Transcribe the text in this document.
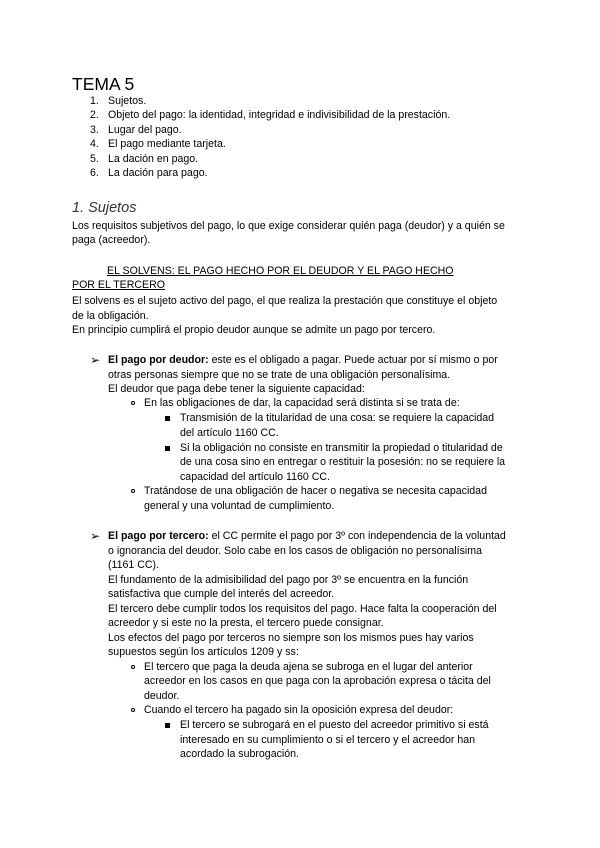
TEMA 5
1. Sujetos.
2. Objeto del pago: la identidad, integridad e indivisibilidad de la prestación.
3. Lugar del pago.
4. El pago mediante tarjeta.
5. La dación en pago.
6. La dación para pago.
1. Sujetos
Los requisitos subjetivos del pago, lo que exige considerar quién paga (deudor) y a quién se
paga (acreedor).
EL SOLVENS: EL PAGO HECHO POR EL DEUDOR Y EL PAGO HECHO
POR EL TERCERO
El solvens es el sujeto activo del pago, el que realiza la prestación que constituye el objeto
de la obligación.
En principio cumplirá el propio deudor aunque se admite un pago por tercero.
➢ El pago por deudor: este es el obligado a pagar. Puede actuar por sí mismo o por
otras personas siempre que no se trate de una obligación personalísima.
El deudor que paga debe tener la siguiente capacidad:
En las obligaciones de dar, la capacidad será distinta si se trata de:
Transmisión de la titularidad de una cosa: se requiere la capacidad
del artículo 1160 CC.
Si la obligación no consiste en transmitir la propiedad o titularidad de
de una cosa sino en entregar o restituir la posesión: no se requiere la
capacidad del artículo 1160 CC.
Tratándose de una obligación de hacer o negativa se necesita capacidad
general y una voluntad de cumplimiento.
➢ El pago por tercero: el CC permite el pago por 3º con independencia de la voluntad
o ignorancia del deudor. Solo cabe en los casos de obligación no personalísima
(1161 CC).
El fundamento de la admisibilidad del pago por 3º se encuentra en la función
satisfactiva que cumple del interés del acreedor.
El tercero debe cumplir todos los requisitos del pago. Hace falta la cooperación del
acreedor y si este no la presta, el tercero puede consignar.
Los efectos del pago por terceros no siempre son los mismos pues hay varios
supuestos según los artículos 1209 y ss:
El tercero que paga la deuda ajena se subroga en el lugar del anterior
acreedor en los casos en que paga con la aprobación expresa o tácita del
deudor.
Cuando el tercero ha pagado sin la oposición expresa del deudor:
El tercero se subrogará en el puesto del acreedor primitivo si está
interesado en su cumplimiento o si el tercero y el acreedor han
acordado la subrogación.
